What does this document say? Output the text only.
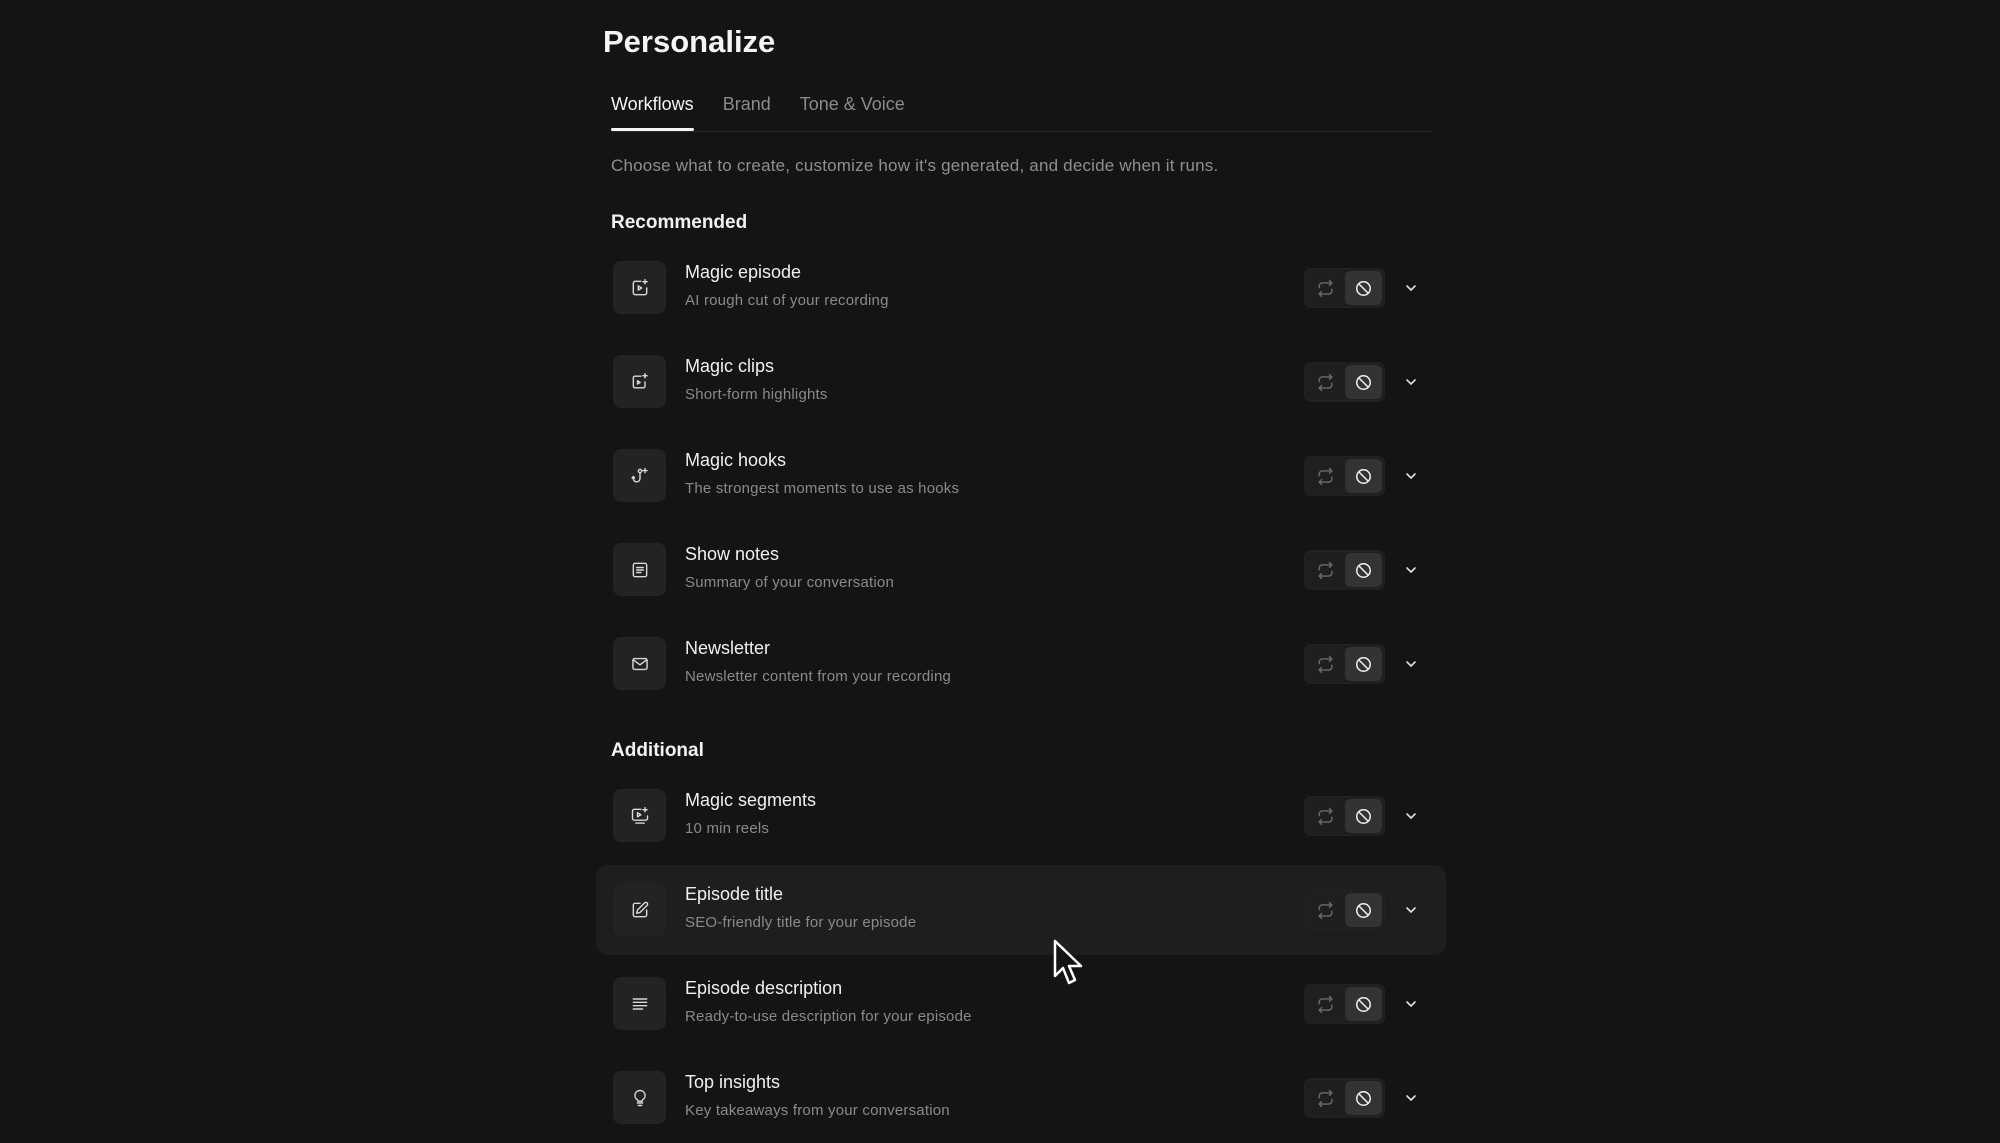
Personalize
Workflows Brand Tone & Voice
Choose what to create, customize how it's generated, and decide when it runs.
Recommended
Magic episode
AI rough cut of your recording
Magic clips
Short-form highlights
Magic hooks
The strongest moments to use as hooks
Show notes
Summary of your conversation
Newsletter
Newsletter content from your recording
Additional
Magic segments
10 min reels
Episode title
SEO-friendly title for your episode
Episode description
Ready-to-use description for your episode
Top insights
Key takeaways from your conversation
